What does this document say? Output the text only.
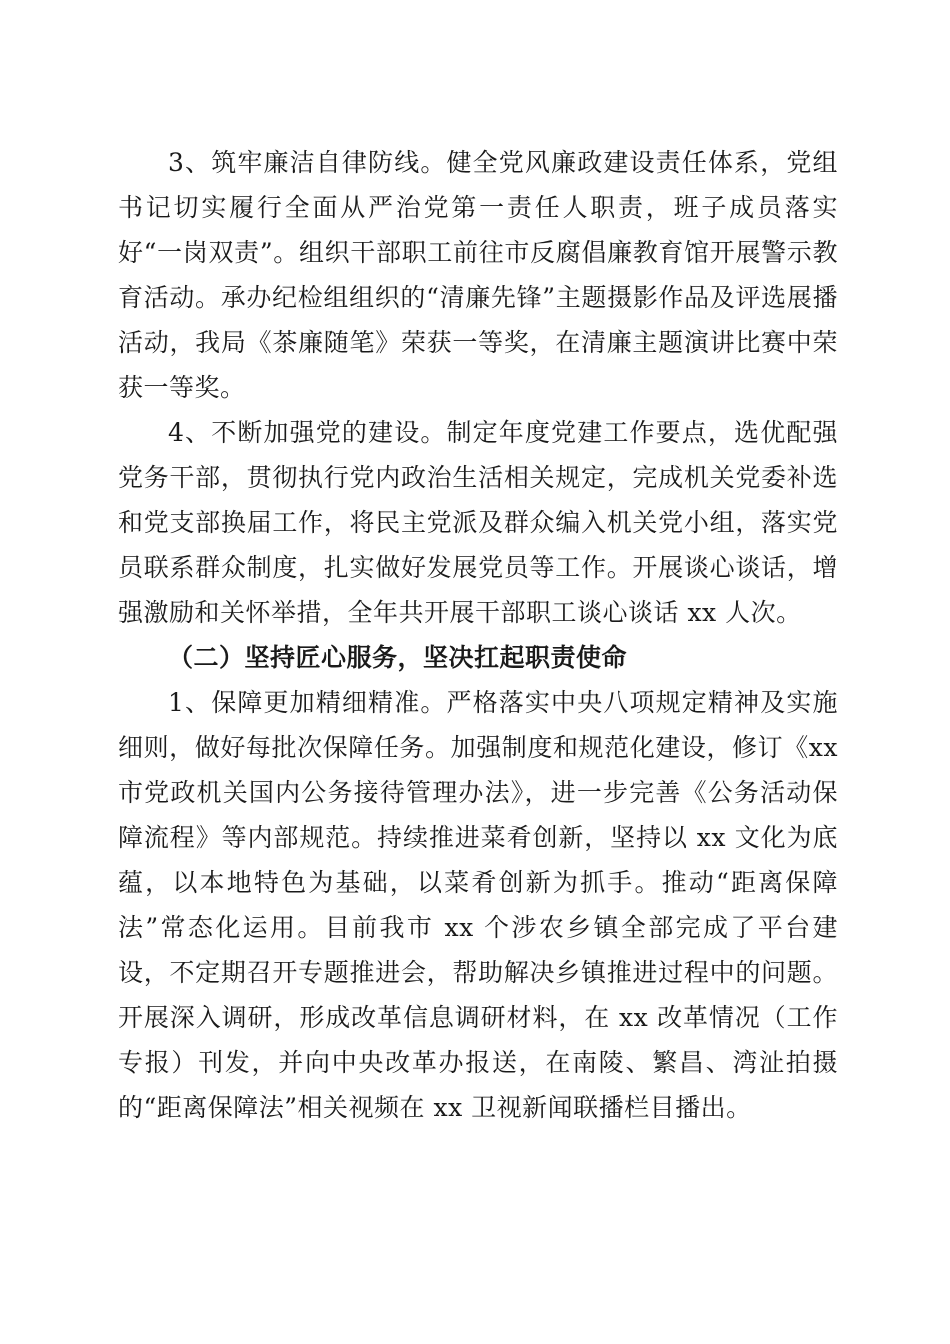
3、筑牢廉洁自律防线。健全党风廉政建设责任体系，党组书记切实履行全面从严治党第一责任人职责，班子成员落实好“一岗双责”。组织干部职工前往市反腐倡廉教育馆开展警示教育活动。承办纪检组组织的“清廉先锋”主题摄影作品及评选展播活动，我局《茶廉随笔》荣获一等奖，在清廉主题演讲比赛中荣获一等奖。

4、不断加强党的建设。制定年度党建工作要点，选优配强党务干部，贯彻执行党内政治生活相关规定，完成机关党委补选和党支部换届工作，将民主党派及群众编入机关党小组，落实党员联系群众制度，扎实做好发展党员等工作。开展谈心谈话，增强激励和关怀举措，全年共开展干部职工谈心谈话 xx 人次。

（二）坚持匠心服务，坚决扛起职责使命

1、保障更加精细精准。严格落实中央八项规定精神及实施细则，做好每批次保障任务。加强制度和规范化建设，修订《xx 市党政机关国内公务接待管理办法》，进一步完善《公务活动保障流程》等内部规范。持续推进菜肴创新，坚持以 xx 文化为底蕴，以本地特色为基础，以菜肴创新为抓手。推动“距离保障法”常态化运用。目前我市 xx 个涉农乡镇全部完成了平台建设，不定期召开专题推进会，帮助解决乡镇推进过程中的问题。开展深入调研，形成改革信息调研材料，在 xx 改革情况（工作专报）刊发，并向中央改革办报送，在南陵、繁昌、湾沚拍摄的“距离保障法”相关视频在 xx 卫视新闻联播栏目播出。
